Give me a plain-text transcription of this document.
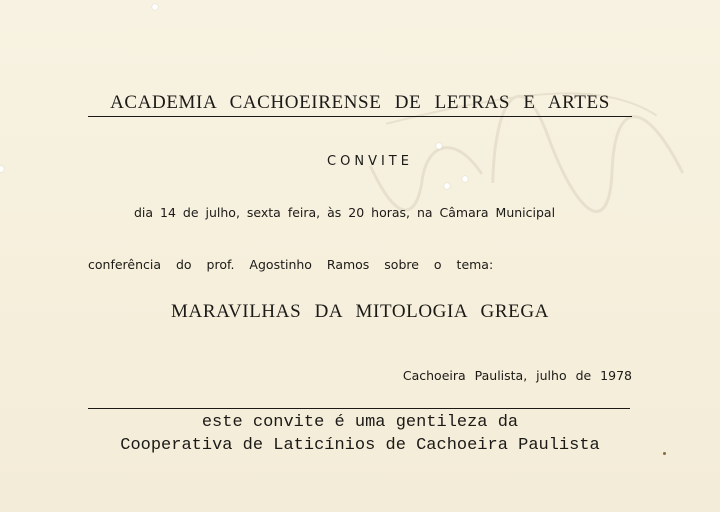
ACADEMIA CACHOEIRENSE DE LETRAS E ARTES
CONVITE
dia 14 de julho, sexta feira, às 20 horas, na Câmara Municipal
conferência do prof. Agostinho Ramos sobre o tema:
MARAVILHAS DA MITOLOGIA GREGA
Cachoeira Paulista, julho de 1978
este convite é uma gentileza da
Cooperativa de Laticínios de Cachoeira Paulista
